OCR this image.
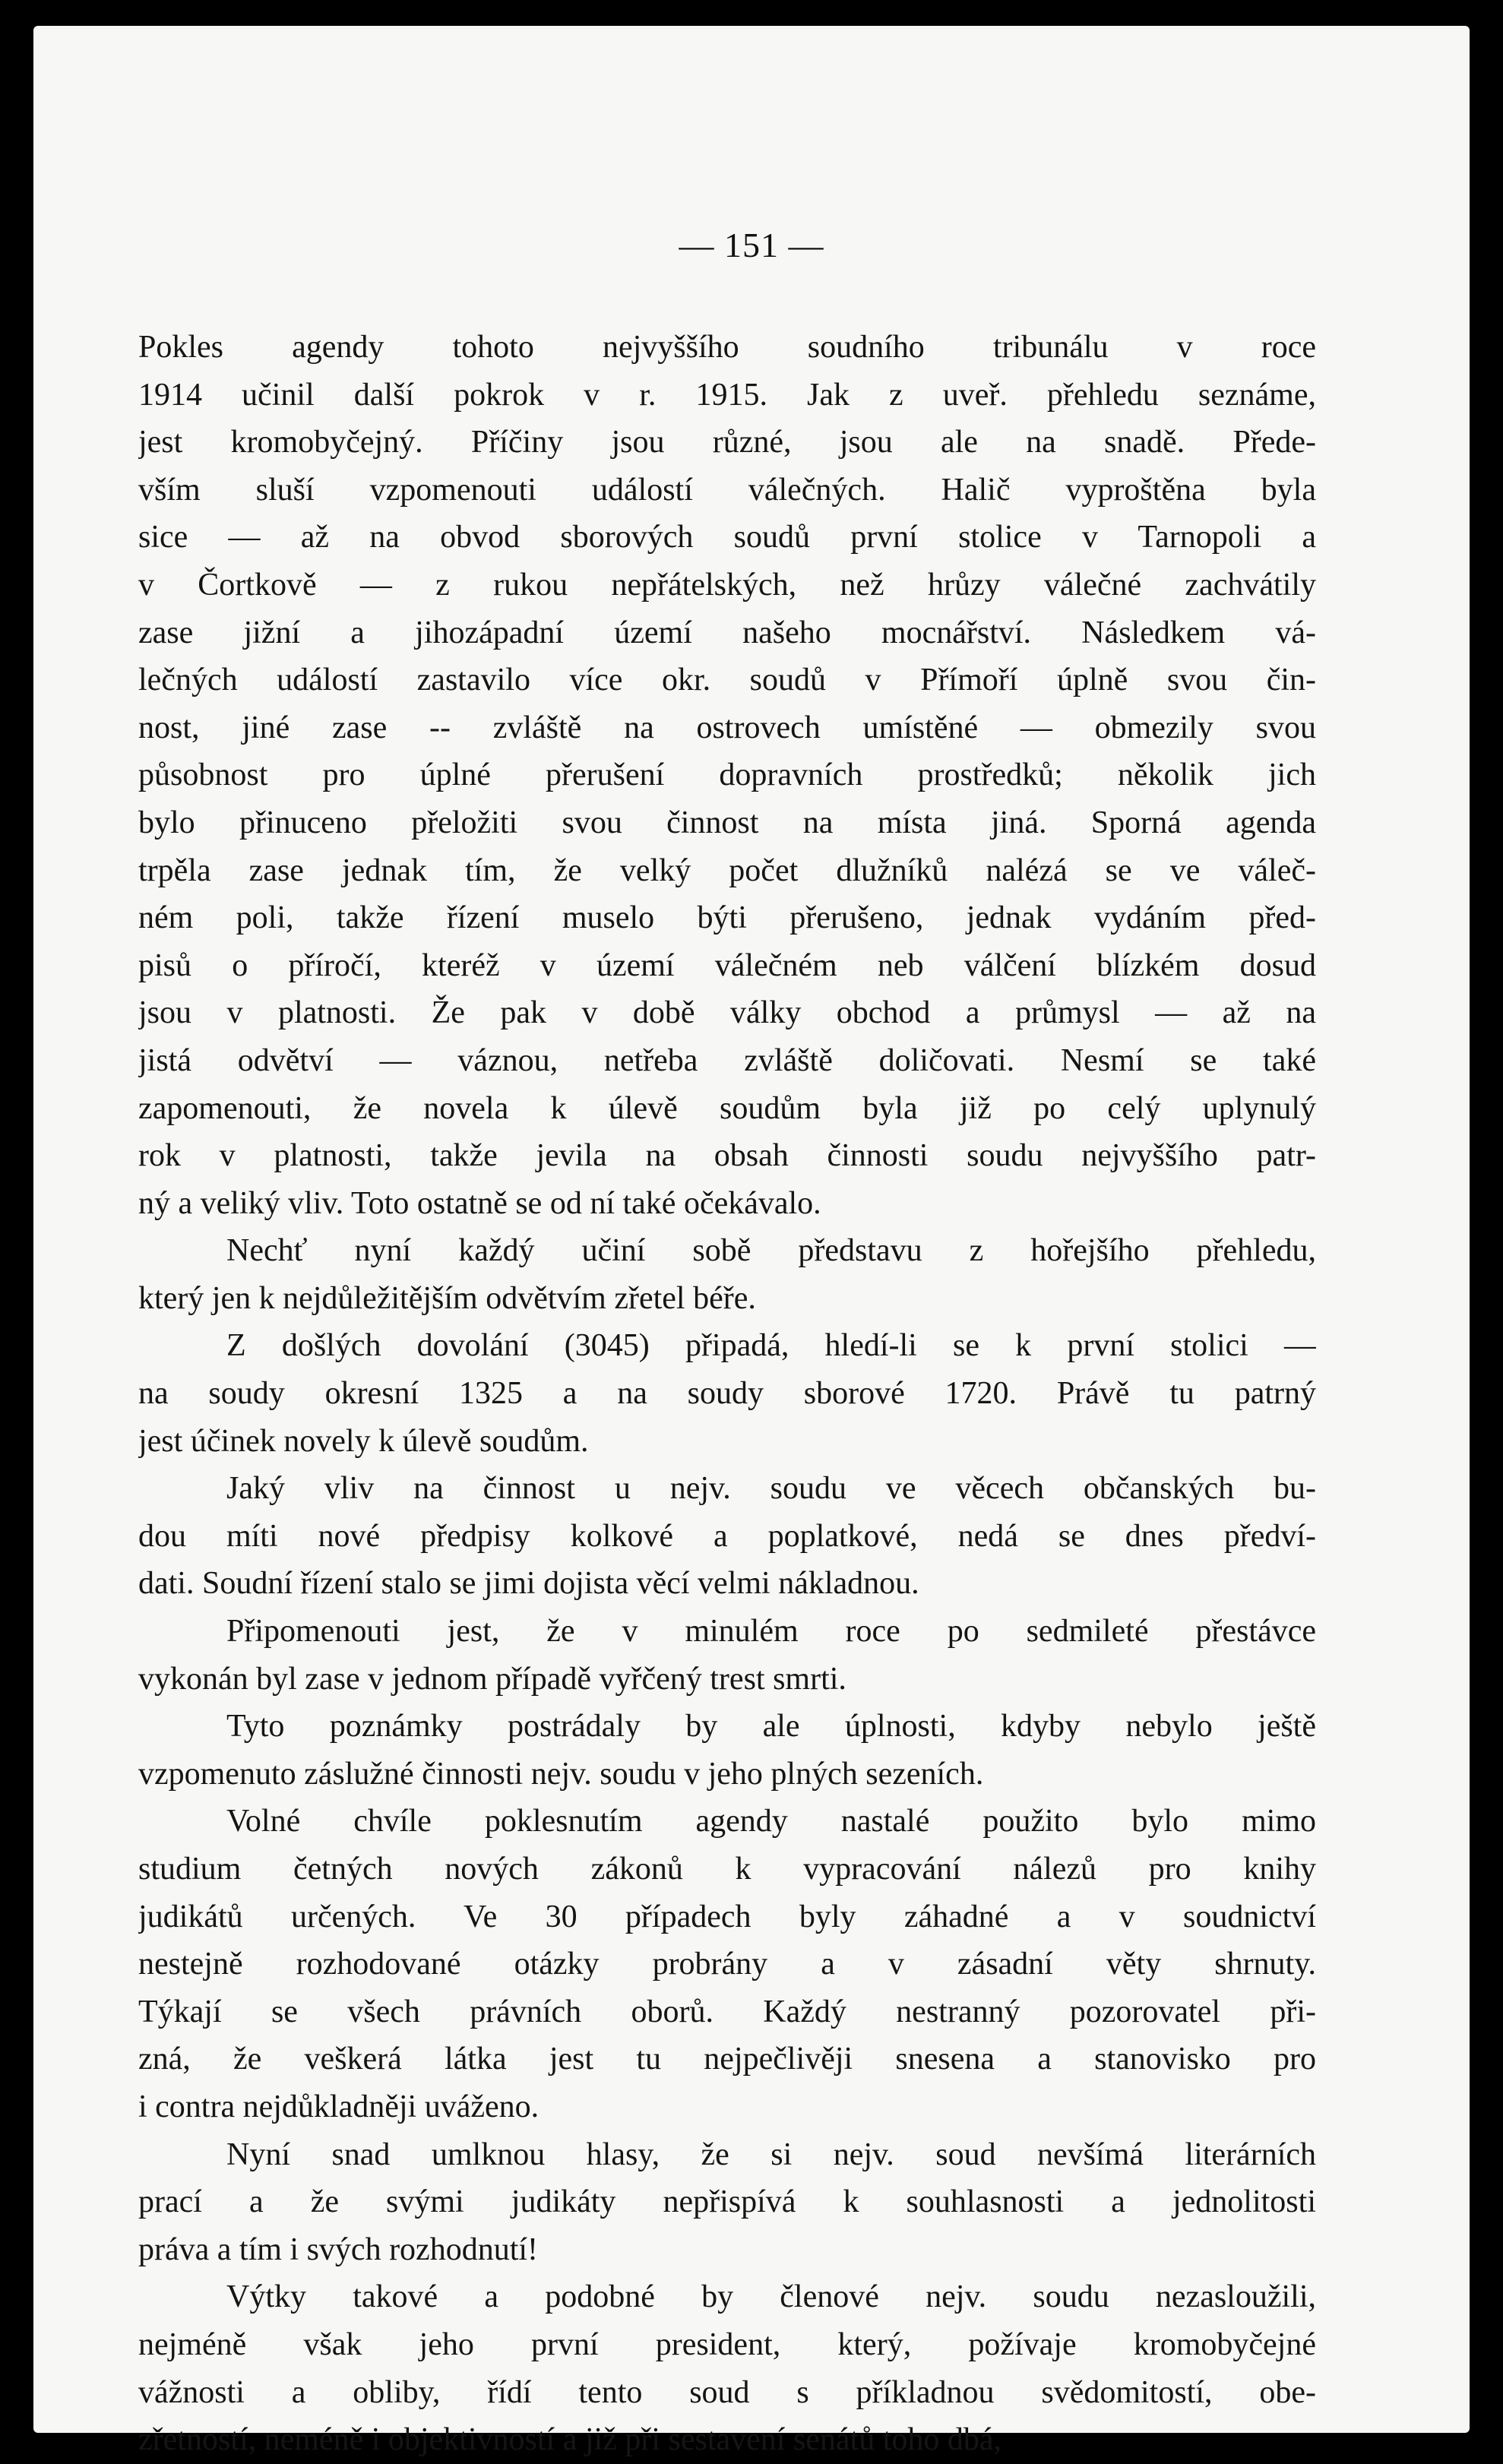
— 151 —
Pokles agendy tohoto nejvyššího soudního tribunálu v roce
1914 učinil další pokrok v r. 1915. Jak z uveř. přehledu seznáme,
jest kromobyčejný. Příčiny jsou různé, jsou ale na snadě. Přede-
vším sluší vzpomenouti událostí válečných. Halič vyproštěna byla
sice — až na obvod sborových soudů první stolice v Tarnopoli a
v Čortkově — z rukou nepřátelských, než hrůzy válečné zachvátily
zase jižní a jihozápadní území našeho mocnářství. Následkem vá-
lečných událostí zastavilo více okr. soudů v Přímoří úplně svou čin-
nost, jiné zase -- zvláště na ostrovech umístěné — obmezily svou
působnost pro úplné přerušení dopravních prostředků; několik jich
bylo přinuceno přeložiti svou činnost na místa jiná. Sporná agenda
trpěla zase jednak tím, že velký počet dlužníků nalézá se ve váleč-
ném poli, takže řízení muselo býti přerušeno, jednak vydáním před-
pisů o příročí, kteréž v území válečném neb válčení blízkém dosud
jsou v platnosti. Že pak v době války obchod a průmysl — až na
jistá odvětví — váznou, netřeba zvláště doličovati. Nesmí se také
zapomenouti, že novela k úlevě soudům byla již po celý uplynulý
rok v platnosti, takže jevila na obsah činnosti soudu nejvyššího patr-
ný a veliký vliv. Toto ostatně se od ní také očekávalo.
Nechť nyní každý učiní sobě představu z hořejšího přehledu,
který jen k nejdůležitějším odvětvím zřetel béře.
Z došlých dovolání (3045) připadá, hledí-li se k první stolici —
na soudy okresní 1325 a na soudy sborové 1720. Právě tu patrný
jest účinek novely k úlevě soudům.
Jaký vliv na činnost u nejv. soudu ve věcech občanských bu-
dou míti nové předpisy kolkové a poplatkové, nedá se dnes předví-
dati. Soudní řízení stalo se jimi dojista věcí velmi nákladnou.
Připomenouti jest, že v minulém roce po sedmileté přestávce
vykonán byl zase v jednom případě vyřčený trest smrti.
Tyto poznámky postrádaly by ale úplnosti, kdyby nebylo ještě
vzpomenuto záslužné činnosti nejv. soudu v jeho plných sezeních.
Volné chvíle poklesnutím agendy nastalé použito bylo mimo
studium četných nových zákonů k vypracování nálezů pro knihy
judikátů určených. Ve 30 případech byly záhadné a v soudnictví
nestejně rozhodované otázky probrány a v zásadní věty shrnuty.
Týkají se všech právních oborů. Každý nestranný pozorovatel při-
zná, že veškerá látka jest tu nejpečlivěji snesena a stanovisko pro
i contra nejdůkladněji uváženo.
Nyní snad umlknou hlasy, že si nejv. soud nevšímá literárních
prací a že svými judikáty nepřispívá k souhlasnosti a jednolitosti
práva a tím i svých rozhodnutí!
Výtky takové a podobné by členové nejv. soudu nezasloužili,
nejméně však jeho první president, který, požívaje kromobyčejné
vážnosti a obliby, řídí tento soud s příkladnou svědomitostí, obe-
zřetností, neméně i objektivností a již při sestavení senátů toho dbá,
